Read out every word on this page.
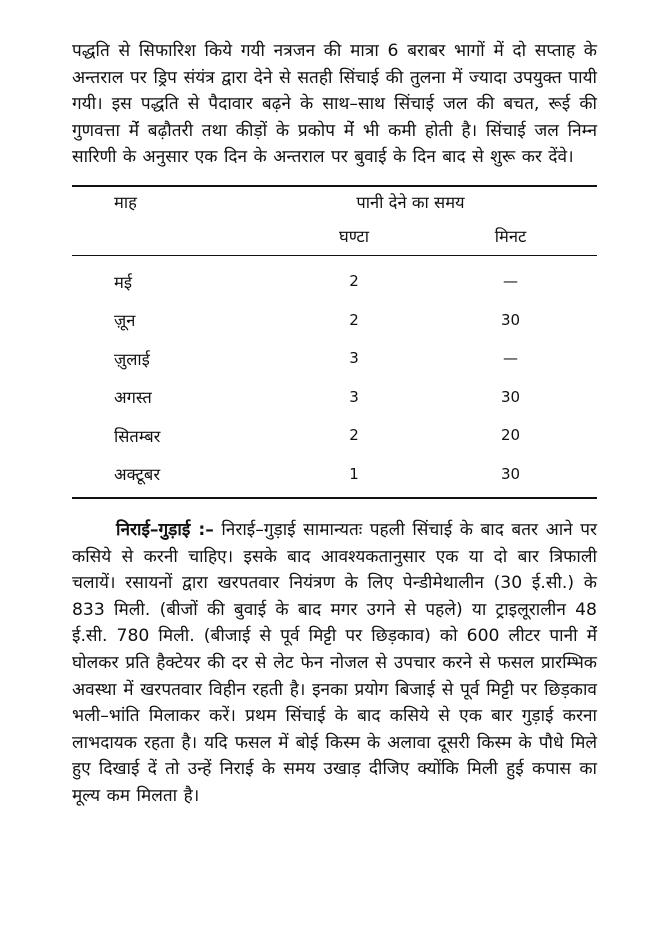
पद्धति से सिफारिश किये गयी नत्रजन की मात्रा 6 बराबर भागों में दो सप्ताह के अन्तराल पर ड्रिप संयंत्र द्वारा देने से सतही सिंचाई की तुलना में ज्यादा उपयुक्त पायी गयी। इस पद्धति से पैदावार बढ़ने के साथ–साथ सिंचाई जल की बचत, रूई की गुणवत्ता मेंं बढ़ौतरी तथा कीड़ों के प्रकोप मेंं भी कमी होती है। सिंचाई जल निम्न सारिणी के अनुसार एक दिन के अन्तराल पर बुवाई के दिन बाद से शुरू कर देंवे।

माह	पानी देने का समय	
	घण्टा	मिनट
मई	2	—
ज़ून	2	30
ज़ुलाई	3	—
अगस्त	3	30
सितम्बर	2	20
अक्टूबर	1	30

निराई–गुड़ाई :– निराई–गुड़ाई सामान्यतः पहली सिंचाई के बाद बतर आने पर कसिये से करनी चाहिए। इसके बाद आवश्यकतानुसार एक या दो बार त्रिफाली चलायें। रसायनों द्वारा खरपतवार नियंत्रण के लिए पेन्डीमेथालीन (30 ई.सी.) के 833 मिली. (बीजों की बुवाई के बाद मगर उगने से पहले) या ट्राइलूरालीन 48 ई.सी. 780 मिली. (बीजाई से पूर्व मिट्टी पर छिड़काव) को 600 लीटर पानी मेंं घोलकर प्रति हैक्टेयर की दर से लेट फेन नोजल से उपचार करने से फसल प्रारम्भिक अवस्था में खरपतवार विहीन रहती है। इनका प्रयोग बिजाई से पूर्व मिट्टी पर छिड़काव भली–भांति मिलाकर करें। प्रथम सिंचाई के बाद कसिये से एक बार गुड़ाई करना लाभदायक रहता है। यदि फसल में बोई किस्म के अलावा दूसरी किस्म के पौधे मिले हुए दिखाई दें तो उन्हें निराई के समय उखाड़ दीजिए क्योंकि मिली हुई कपास का मूल्य कम मिलता है।
